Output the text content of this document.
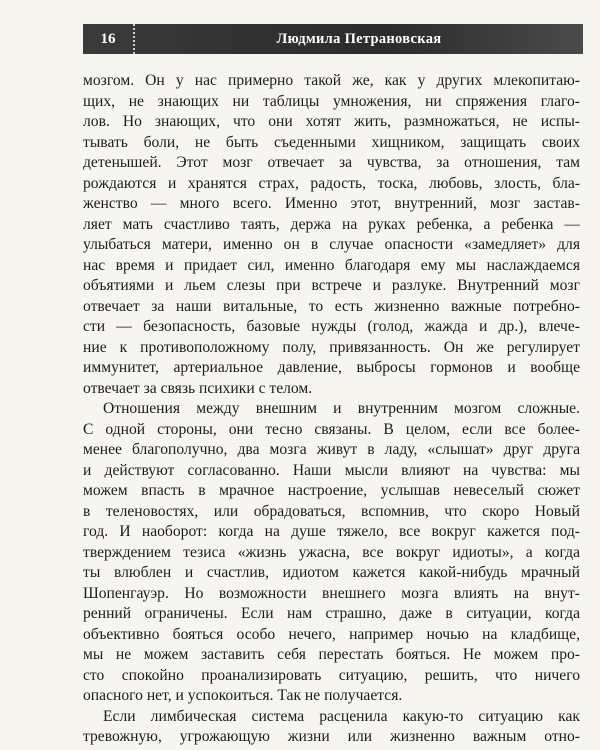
16	Людмила Петрановская
мозгом. Он у нас примерно такой же, как у других млекопитаю-
щих, не знающих ни таблицы умножения, ни спряжения глаго-
лов. Но знающих, что они хотят жить, размножаться, не испы-
тывать боли, не быть съеденными хищником, защищать своих
детенышей. Этот мозг отвечает за чувства, за отношения, там
рождаются и хранятся страх, радость, тоска, любовь, злость, бла-
женство — много всего. Именно этот, внутренний, мозг застав-
ляет мать счастливо таять, держа на руках ребенка, а ребенка —
улыбаться матери, именно он в случае опасности «замедляет» для
нас время и придает сил, именно благодаря ему мы наслаждаемся
объятиями и льем слезы при встрече и разлуке. Внутренний мозг
отвечает за наши витальные, то есть жизненно важные потребно-
сти — безопасность, базовые нужды (голод, жажда и др.), влече-
ние к противоположному полу, привязанность. Он же регулирует
иммунитет, артериальное давление, выбросы гормонов и вообще
отвечает за связь психики с телом.
Отношения между внешним и внутренним мозгом сложные.
С одной стороны, они тесно связаны. В целом, если все более-
менее благополучно, два мозга живут в ладу, «слышат» друг друга
и действуют согласованно. Наши мысли влияют на чувства: мы
можем впасть в мрачное настроение, услышав невеселый сюжет
в теленовостях, или обрадоваться, вспомнив, что скоро Новый
год. И наоборот: когда на душе тяжело, все вокруг кажется под-
тверждением тезиса «жизнь ужасна, все вокруг идиоты», а когда
ты влюблен и счастлив, идиотом кажется какой-нибудь мрачный
Шопенгауэр. Но возможности внешнего мозга влиять на внут-
ренний ограничены. Если нам страшно, даже в ситуации, когда
объективно бояться особо нечего, например ночью на кладбище,
мы не можем заставить себя перестать бояться. Не можем про-
сто спокойно проанализировать ситуацию, решить, что ничего
опасного нет, и успокоиться. Так не получается.
Если лимбическая система расценила какую-то ситуацию как
тревожную, угрожающую жизни или жизненно важным отно-
